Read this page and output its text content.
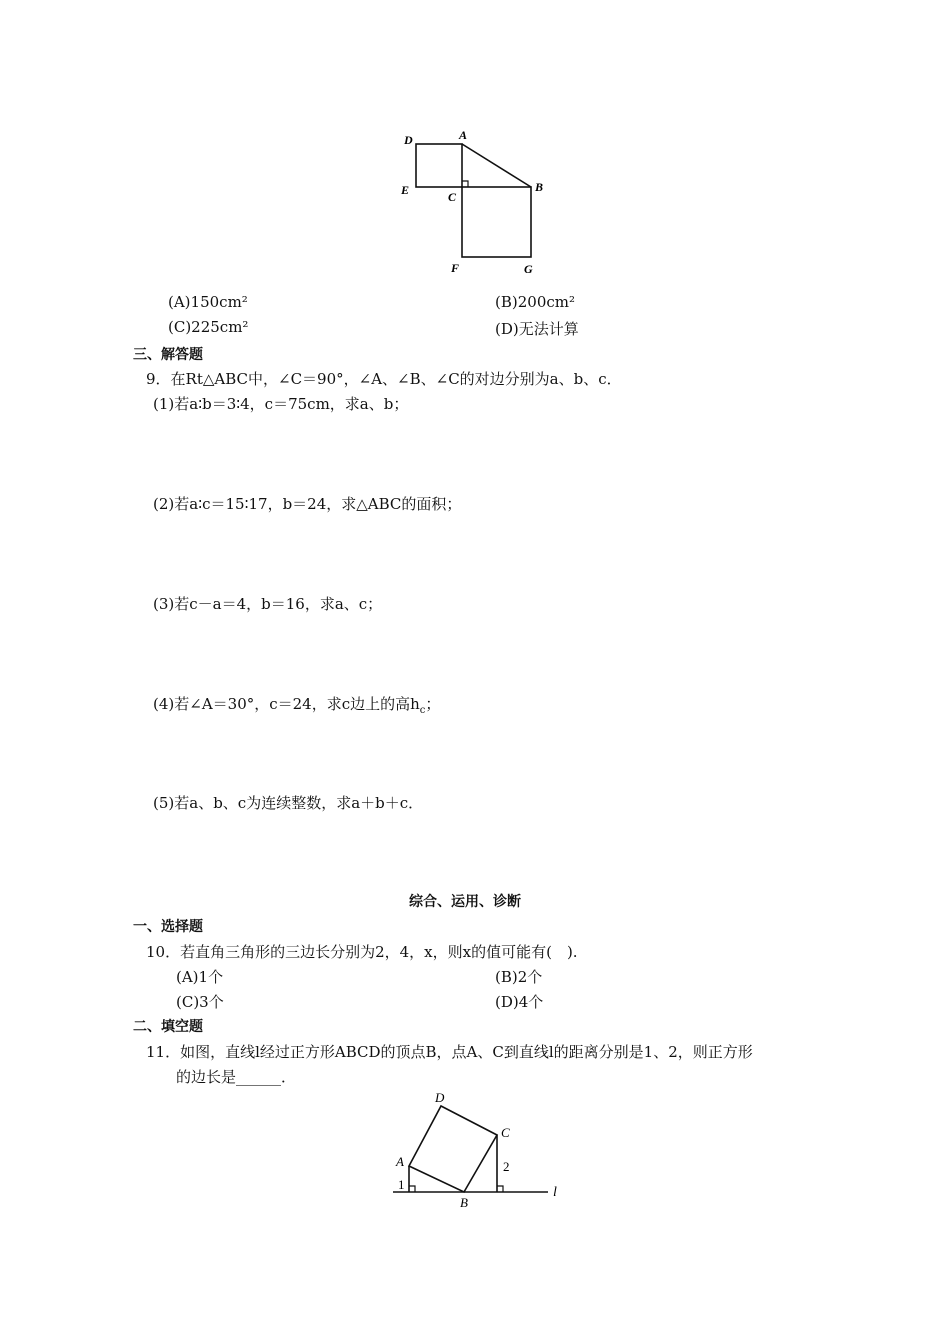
D	A
E	C
B
F	G
(A)150cm²	(B)200cm²
(C)225cm²	(D)无法计算
三、解答题
9．在Rt△ABC中，∠C＝90°，∠A、∠B、∠C的对边分别为a、b、c．
(1)若a∶b＝3∶4，c＝75cm，求a、b；
(2)若a∶c＝15∶17，b＝24，求△ABC的面积；
(3)若c－a＝4，b＝16，求a、c；
(4)若∠A＝30°，c＝24，求c边上的高$h_c$；
(5)若a、b、c为连续整数，求a＋b＋c．
综合、运用、诊断
一、选择题
10．若直角三角形的三边长分别为2，4，x，则x的值可能有(　).
(A)1个	(B)2个
(C)3个	(D)4个
二、填空题
11．如图，直线l经过正方形ABCD的顶点B，点A、C到直线l的距离分别是1、2，则正方形
的边长是______．
D
C
A
B
1
2
l
